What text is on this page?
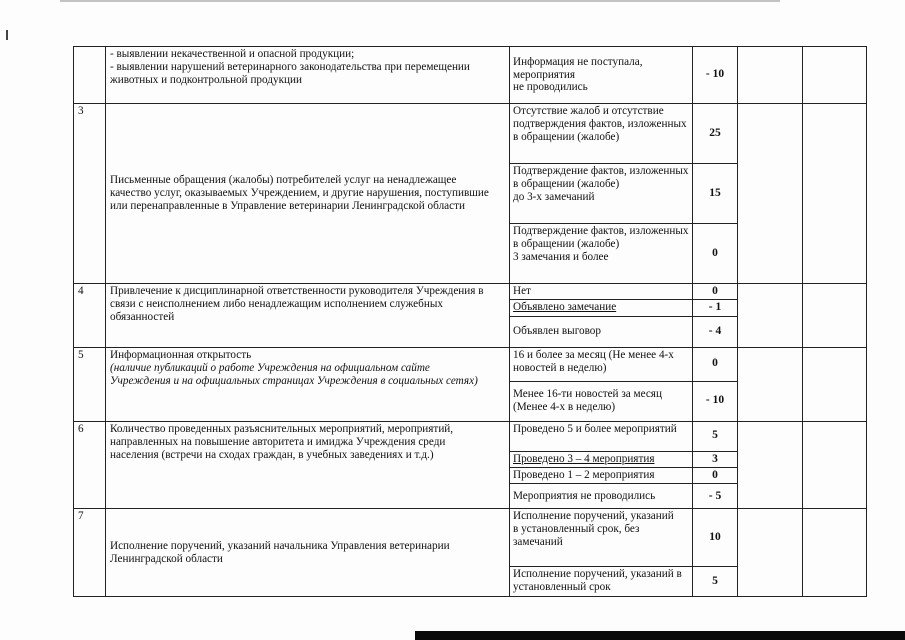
	- выявлении некачественной и опасной продукции;
- выявлении нарушений ветеринарного законодательства при перемещении животных и подконтрольной продукции	Информация не поступала,
мероприятия
не проводились	- 10		
3	Письменные обращения (жалобы) потребителей услуг на ненадлежащее качество услуг, оказываемых Учреждением, и другие нарушения, поступившие или перенаправленные в Управление ветеринарии Ленинградской области	Отсутствие жалоб и отсутствие подтверждения фактов, изложенных в обращении (жалобе)	25		
		Подтверждение фактов, изложенных в обращении (жалобе)
до 3-х замечаний	15		
		Подтверждение фактов, изложенных в обращении (жалобе)
3 замечания и более	0		
4	Привлечение к дисциплинарной ответственности руководителя Учреждения в связи с неисполнением либо ненадлежащим исполнением служебных обязанностей	Нет	0		
		Объявлено замечание	- 1		
		Объявлен выговор	- 4		
5	Информационная открытость
(наличие публикаций о работе Учреждения на официальном сайте Учреждения и на официальных страницах Учреждения в социальных сетях)	16 и более за месяц (Не менее 4-х новостей в неделю)	0		
		Менее 16-ти новостей за месяц (Менее 4-х в неделю)	- 10		
6	Количество проведенных разъяснительных мероприятий, мероприятий, направленных на повышение авторитета и имиджа Учреждения среди населения (встречи на сходах граждан, в учебных заведениях и т.д.)	Проведено 5 и более мероприятий	5		
		Проведено 3 – 4 мероприятия	3		
		Проведено 1 – 2 мероприятия	0		
		Мероприятия не проводились	- 5		
7	Исполнение поручений, указаний начальника Управления ветеринарии Ленинградской области	Исполнение поручений, указаний
в установленный срок, без замечаний	10		
		Исполнение поручений, указаний в установленный срок	5		
